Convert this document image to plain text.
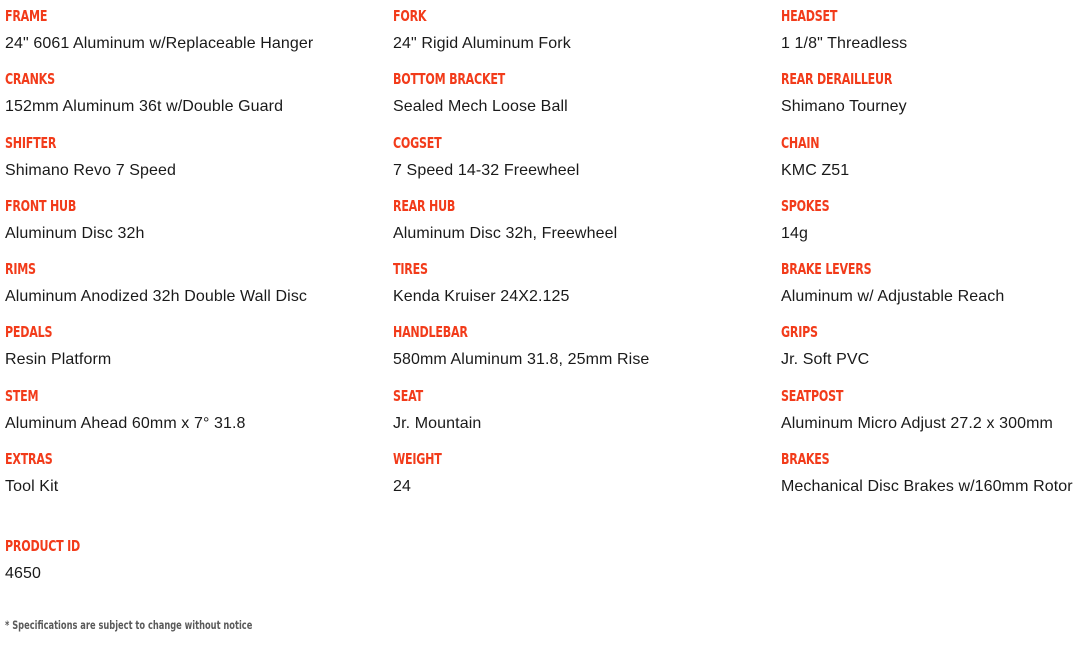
FRAME
24" 6061 Aluminum w/Replaceable Hanger
FORK
24" Rigid Aluminum Fork
HEADSET
1 1/8" Threadless
CRANKS
152mm Aluminum 36t w/Double Guard
BOTTOM BRACKET
Sealed Mech Loose Ball
REAR DERAILLEUR
Shimano Tourney
SHIFTER
Shimano Revo 7 Speed
COGSET
7 Speed 14-32 Freewheel
CHAIN
KMC Z51
FRONT HUB
Aluminum Disc 32h
REAR HUB
Aluminum Disc 32h, Freewheel
SPOKES
14g
RIMS
Aluminum Anodized 32h Double Wall Disc
TIRES
Kenda Kruiser 24X2.125
BRAKE LEVERS
Aluminum w/ Adjustable Reach
PEDALS
Resin Platform
HANDLEBAR
580mm Aluminum 31.8, 25mm Rise
GRIPS
Jr. Soft PVC
STEM
Aluminum Ahead 60mm x 7° 31.8
SEAT
Jr. Mountain
SEATPOST
Aluminum Micro Adjust 27.2 x 300mm
EXTRAS
Tool Kit
WEIGHT
24
BRAKES
Mechanical Disc Brakes w/160mm Rotor
PRODUCT ID
4650
* Specifications are subject to change without notice
